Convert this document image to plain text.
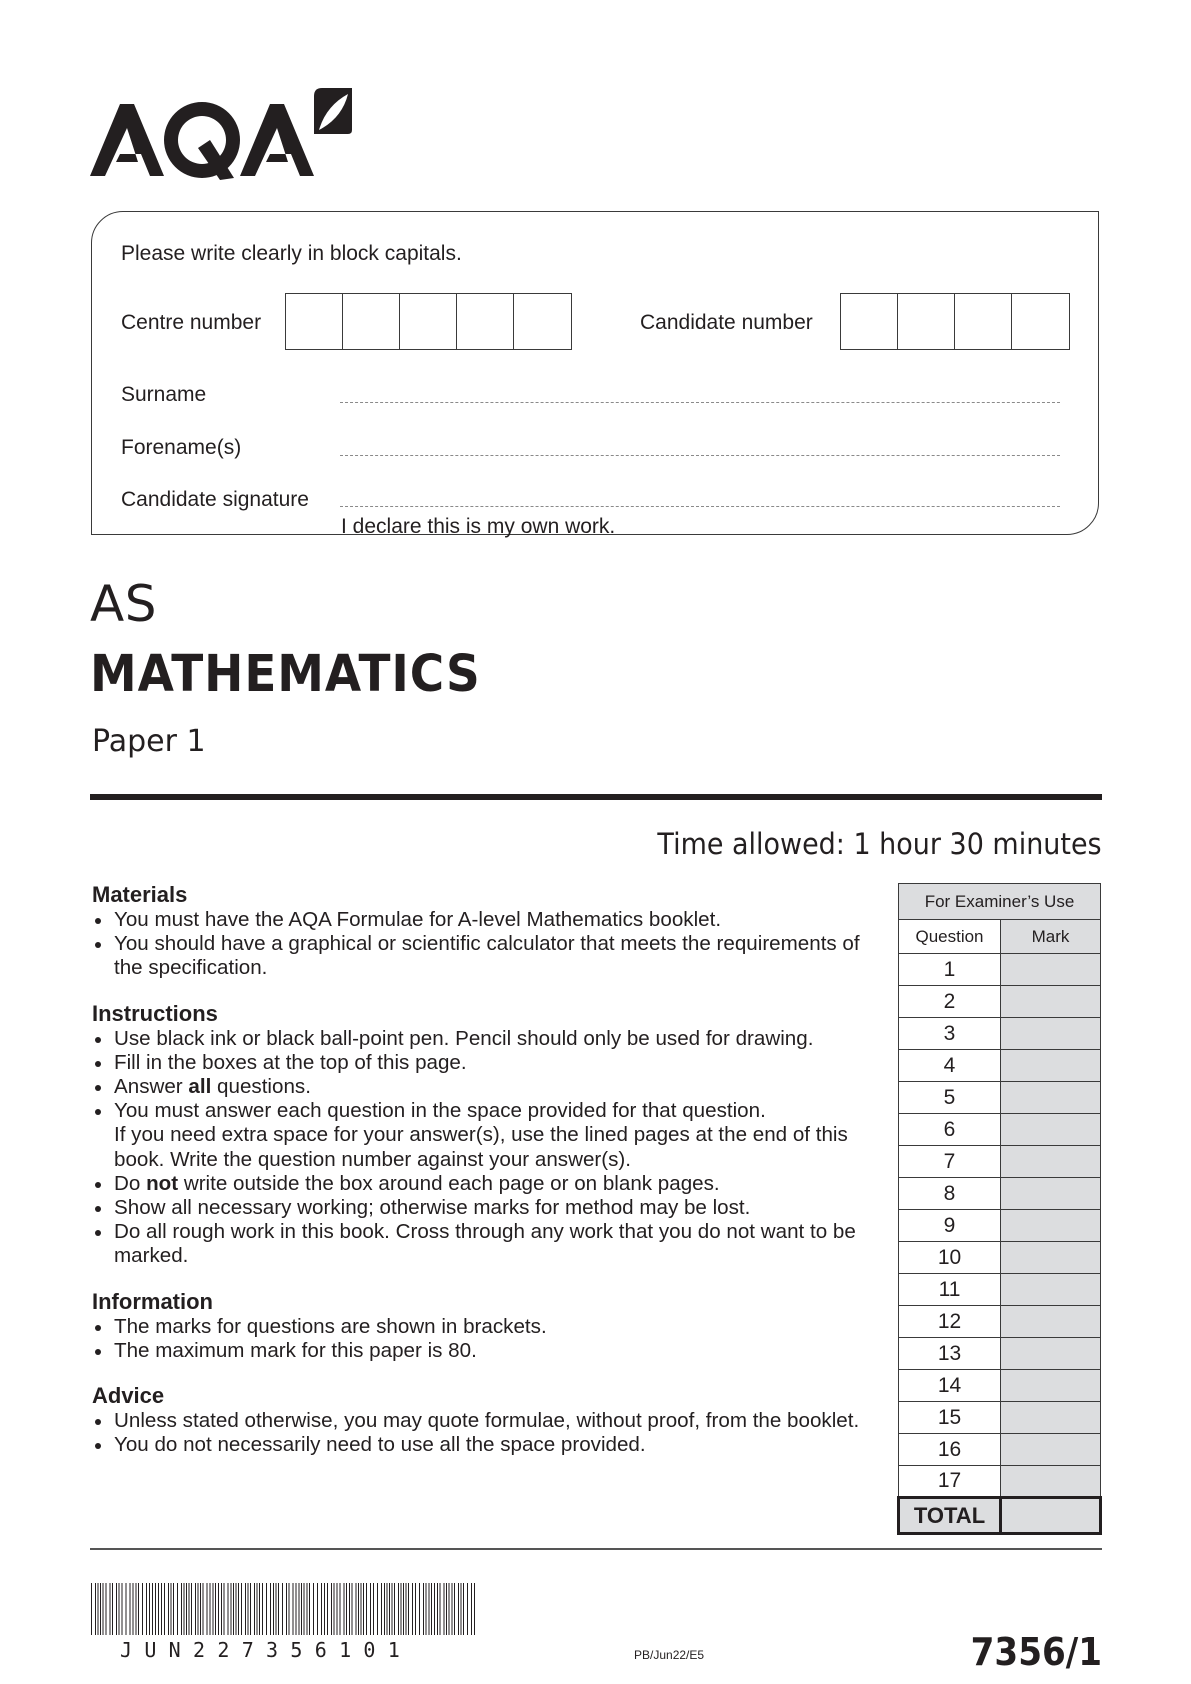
Please write clearly in block capitals.
Centre number	Candidate number
Surname
Forename(s)
Candidate signature
I declare this is my own work.
AS
MATHEMATICS
Paper 1
Time allowed: 1 hour 30 minutes
Materials
You must have the AQA Formulae for A-level Mathematics booklet.
You should have a graphical or scientific calculator that meets the requirements of the specification.
Instructions
Use black ink or black ball-point pen. Pencil should only be used for drawing.
Fill in the boxes at the top of this page.
Answer all questions.
You must answer each question in the space provided for that question.
If you need extra space for your answer(s), use the lined pages at the end of this book. Write the question number against your answer(s).
Do not write outside the box around each page or on blank pages.
Show all necessary working; otherwise marks for method may be lost.
Do all rough work in this book. Cross through any work that you do not want to be marked.
Information
The marks for questions are shown in brackets.
The maximum mark for this paper is 80.
Advice
Unless stated otherwise, you may quote formulae, without proof, from the booklet.
You do not necessarily need to use all the space provided.
For Examiner’s Use	
Question	Mark
1	
2	
3	
4	
5	
6	
7	
8	
9	
10	
11	
12	
13	
14	
15	
16	
17	
TOTAL	
JUN227356101	PB/Jun22/E5	7356/1
